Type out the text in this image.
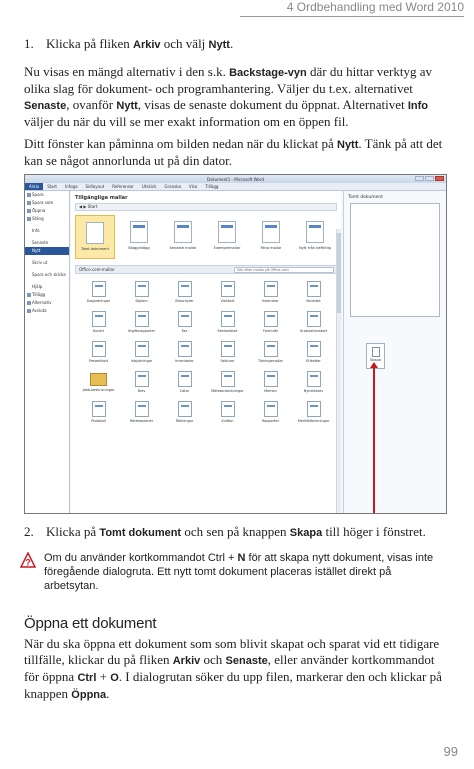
4 Ordbehandling med Word 2010

1. Klicka på fliken Arkiv och välj Nytt.

Nu visas en mängd alternativ i den s.k. Backstage-vyn där du hittar verktyg av olika slag för dokument- och programhantering. Väljer du t.ex. alternativet Senaste, ovanför Nytt, visas de senaste dokument du öppnat. Alternativet Info väljer du när du vill se mer exakt information om en öppen fil.

Ditt fönster kan påminna om bilden nedan när du klickat på Nytt. Tänk på att det kan se något annorlunda ut på din dator.

Dokument1 - Microsoft Word
Arkiv	Start	Infoga	Sidlayout	Referenser	Utskick	Granska	Visa	Tillägg
Spara
Spara som
Öppna
Stäng
Info
Senaste
Nytt
Skriv ut
Spara och skicka
Hjälp
Tillägg
Alternativ
Avsluta
Tillgängliga mallar
◀ ▶ Start
Tomt dokument	Blogginlägg	Senaste mallar	Exempelmallar	Mina mallar	Nytt från befintlig
Office.com-mallar	Sök efter mallar på Office.com
Dagordningar	Diplom	Broschyrer	Visitkort	Kalendrar	Kontrakt
Kuvert	Utgiftsrapporter	Fax	Reklamblad	Formulär	Gratulationskort
Presentkort	Inbjudningar	Inventarier	Fakturor	Tidningsmallar	Etiketter
Jobb-beskrivningar	Brev	Listor	Mötesanteckningar	Memon	Nyhetsbrev
Protokoll	Rörelseplaner	Räkningar	Kvitton	Rapporter	Meritförteckningar
Tomt dokument
Skapa

2. Klicka på Tomt dokument och sen på knappen Skapa till höger i fönstret.

? Om du använder kortkommandot Ctrl + N för att skapa nytt dokument, visas inte föregående dialogruta. Ett nytt tomt dokument placeras istället direkt på arbetsytan.
Öppna ett dokument

När du ska öppna ett dokument som som blivit skapat och sparat vid ett tidigare tillfälle, klickar du på fliken Arkiv och Senaste, eller använder kortkommandot för öppna Ctrl + O. I dialogrutan söker du upp filen, markerar den och klickar på knappen Öppna.

99
